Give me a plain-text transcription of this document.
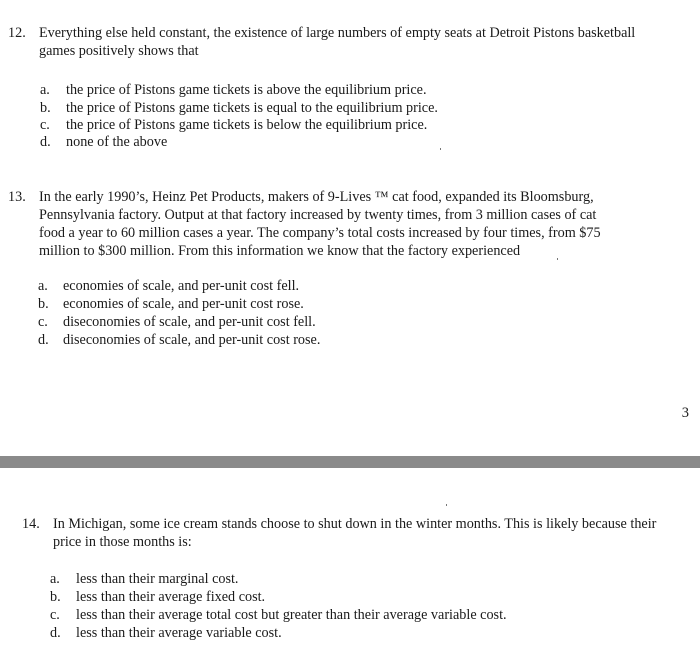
12. Everything else held constant, the existence of large numbers of empty seats at Detroit Pistons basketball
games positively shows that
a. the price of Pistons game tickets is above the equilibrium price.
b. the price of Pistons game tickets is equal to the equilibrium price.
c. the price of Pistons game tickets is below the equilibrium price.
d. none of the above
13. In the early 1990’s, Heinz Pet Products, makers of 9-Lives ™ cat food, expanded its Bloomsburg,
Pennsylvania factory. Output at that factory increased by twenty times, from 3 million cases of cat
food a year to 60 million cases a year. The company’s total costs increased by four times, from $75
million to $300 million. From this information we know that the factory experienced
a. economies of scale, and per-unit cost fell.
b. economies of scale, and per-unit cost rose.
c. diseconomies of scale, and per-unit cost fell.
d. diseconomies of scale, and per-unit cost rose.
3
14. In Michigan, some ice cream stands choose to shut down in the winter months. This is likely because their
price in those months is:
a. less than their marginal cost.
b. less than their average fixed cost.
c. less than their average total cost but greater than their average variable cost.
d. less than their average variable cost.
